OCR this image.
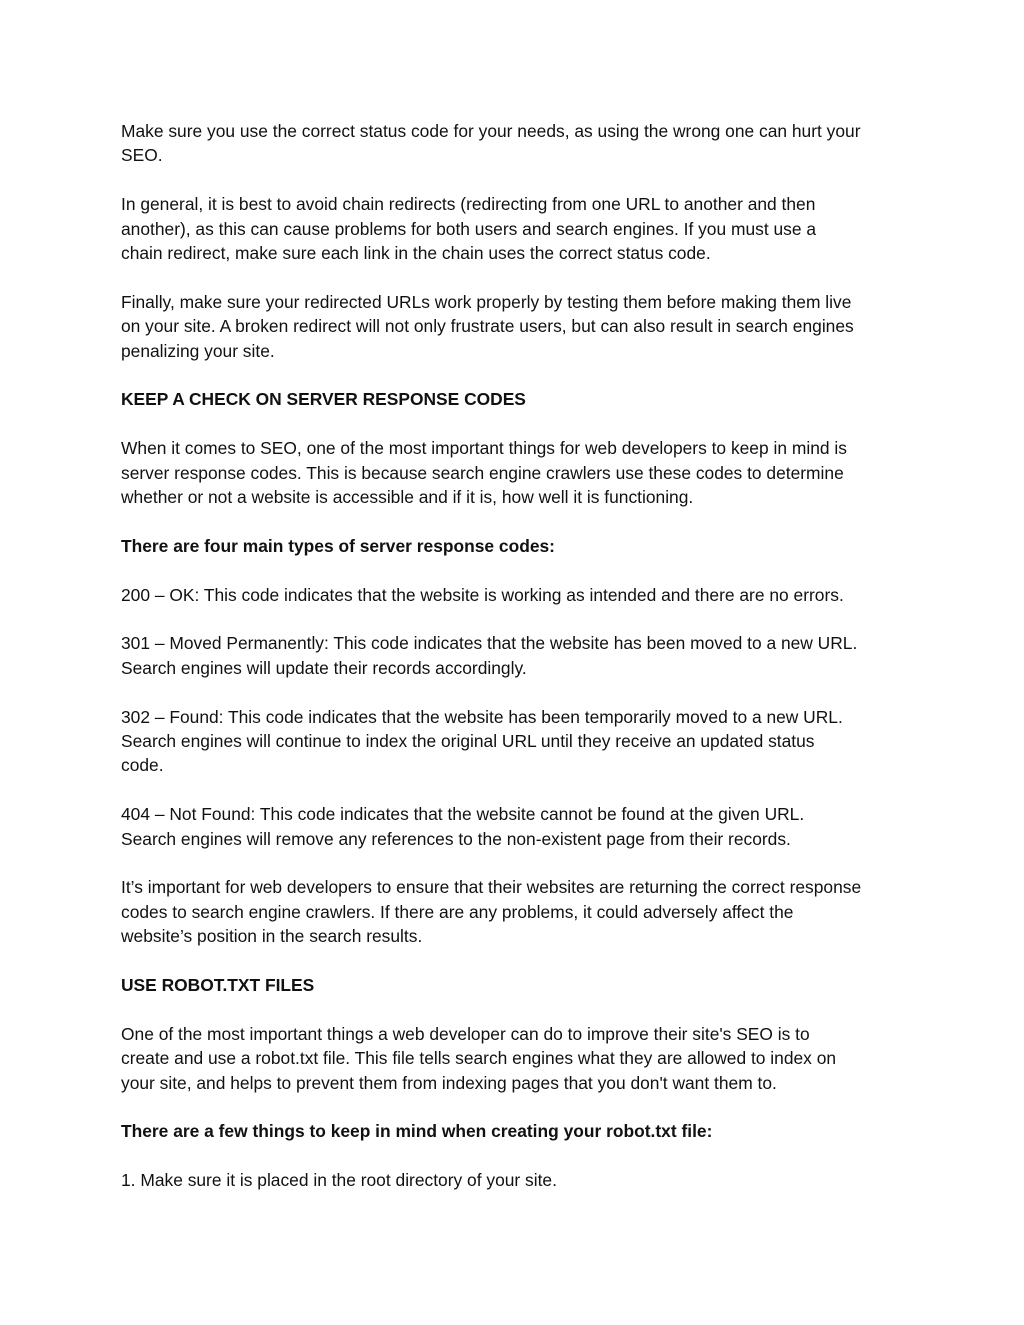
Make sure you use the correct status code for your needs, as using the wrong one can hurt your
SEO.

In general, it is best to avoid chain redirects (redirecting from one URL to another and then
another), as this can cause problems for both users and search engines. If you must use a
chain redirect, make sure each link in the chain uses the correct status code.

Finally, make sure your redirected URLs work properly by testing them before making them live
on your site. A broken redirect will not only frustrate users, but can also result in search engines
penalizing your site.

KEEP A CHECK ON SERVER RESPONSE CODES

When it comes to SEO, one of the most important things for web developers to keep in mind is
server response codes. This is because search engine crawlers use these codes to determine
whether or not a website is accessible and if it is, how well it is functioning.

There are four main types of server response codes:

200 – OK: This code indicates that the website is working as intended and there are no errors.

301 – Moved Permanently: This code indicates that the website has been moved to a new URL.
Search engines will update their records accordingly.

302 – Found: This code indicates that the website has been temporarily moved to a new URL.
Search engines will continue to index the original URL until they receive an updated status
code.

404 – Not Found: This code indicates that the website cannot be found at the given URL.
Search engines will remove any references to the non-existent page from their records.

It’s important for web developers to ensure that their websites are returning the correct response
codes to search engine crawlers. If there are any problems, it could adversely affect the
website’s position in the search results.

USE ROBOT.TXT FILES

One of the most important things a web developer can do to improve their site's SEO is to
create and use a robot.txt file. This file tells search engines what they are allowed to index on
your site, and helps to prevent them from indexing pages that you don't want them to.

There are a few things to keep in mind when creating your robot.txt file:

1. Make sure it is placed in the root directory of your site.
